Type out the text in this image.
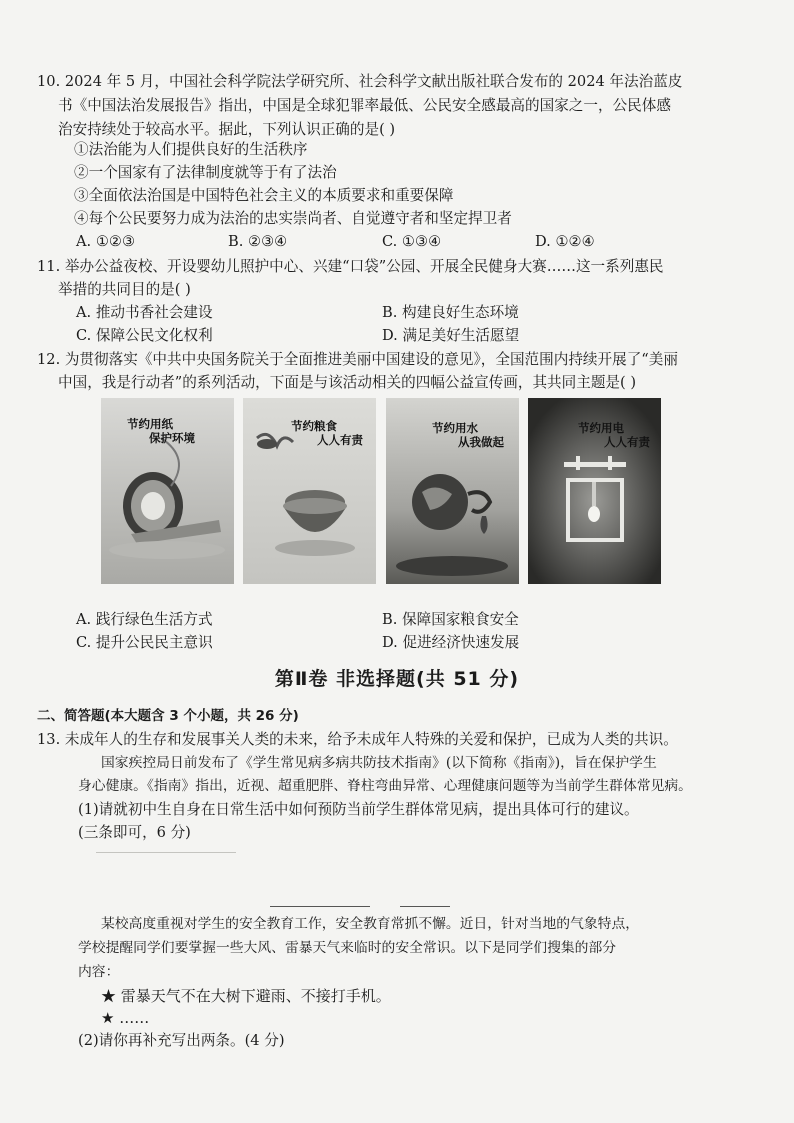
10. 2024 年 5 月，中国社会科学院法学研究所、社会科学文献出版社联合发布的 2024 年法治蓝皮
书《中国法治发展报告》指出，中国是全球犯罪率最低、公民安全感最高的国家之一，公民体感
治安持续处于较高水平。据此，下列认识正确的是( )
①法治能为人们提供良好的生活秩序
②一个国家有了法律制度就等于有了法治
③全面依法治国是中国特色社会主义的本质要求和重要保障
④每个公民要努力成为法治的忠实崇尚者、自觉遵守者和坚定捍卫者
A. ①②③	B. ②③④	C. ①③④	D. ①②④
11. 举办公益夜校、开设婴幼儿照护中心、兴建“口袋”公园、开展全民健身大赛……这一系列惠民
举措的共同目的是( )
A. 推动书香社会建设	B. 构建良好生态环境
C. 保障公民文化权利	D. 满足美好生活愿望
12. 为贯彻落实《中共中央国务院关于全面推进美丽中国建设的意见》，全国范围内持续开展了“美丽
中国，我是行动者”的系列活动，下面是与该活动相关的四幅公益宣传画，其共同主题是( )
节约用纸
保护环境
节约粮食
人人有责
节约用水
从我做起
节约用电
人人有责
A. 践行绿色生活方式	B. 保障国家粮食安全
C. 提升公民民主意识	D. 促进经济快速发展
第Ⅱ卷 非选择题(共 51 分)
二、简答题(本大题含 3 个小题，共 26 分)
13. 未成年人的生存和发展事关人类的未来，给予未成年人特殊的关爱和保护，已成为人类的共识。
国家疾控局日前发布了《学生常见病多病共防技术指南》(以下简称《指南》)，旨在保护学生
身心健康。《指南》指出，近视、超重肥胖、脊柱弯曲异常、心理健康问题等为当前学生群体常见病。
(1)请就初中生自身在日常生活中如何预防当前学生群体常见病，提出具体可行的建议。
(三条即可，6 分)
某校高度重视对学生的安全教育工作，安全教育常抓不懈。近日，针对当地的气象特点，
学校提醒同学们要掌握一些大风、雷暴天气来临时的安全常识。以下是同学们搜集的部分
内容：
★ 雷暴天气不在大树下避雨、不接打手机。
★ ……
(2)请你再补充写出两条。(4 分)
